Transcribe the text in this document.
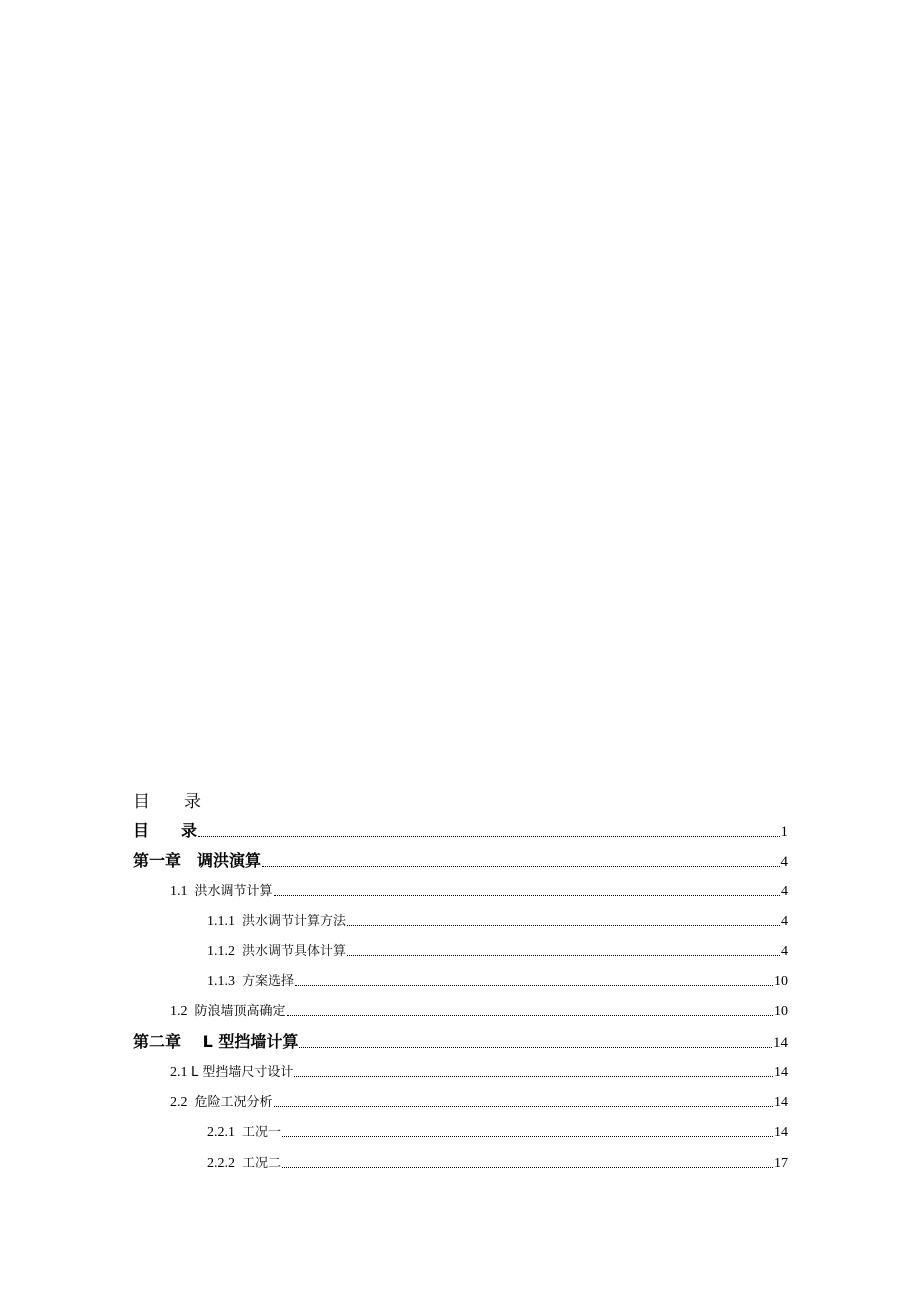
目　　录
目　　录	1
第一章　调洪演算	4
1.1 洪水调节计算	4
1.1.1 洪水调节计算方法	4
1.1.2 洪水调节具体计算	4
1.1.3 方案选择	10
1.2 防浪墙顶高确定	10
第二章　 L 型挡墙计算	14
2.1 L 型挡墙尺寸设计	14
2.2 危险工况分析	14
2.2.1 工况一	14
2.2.2 工况二	17
